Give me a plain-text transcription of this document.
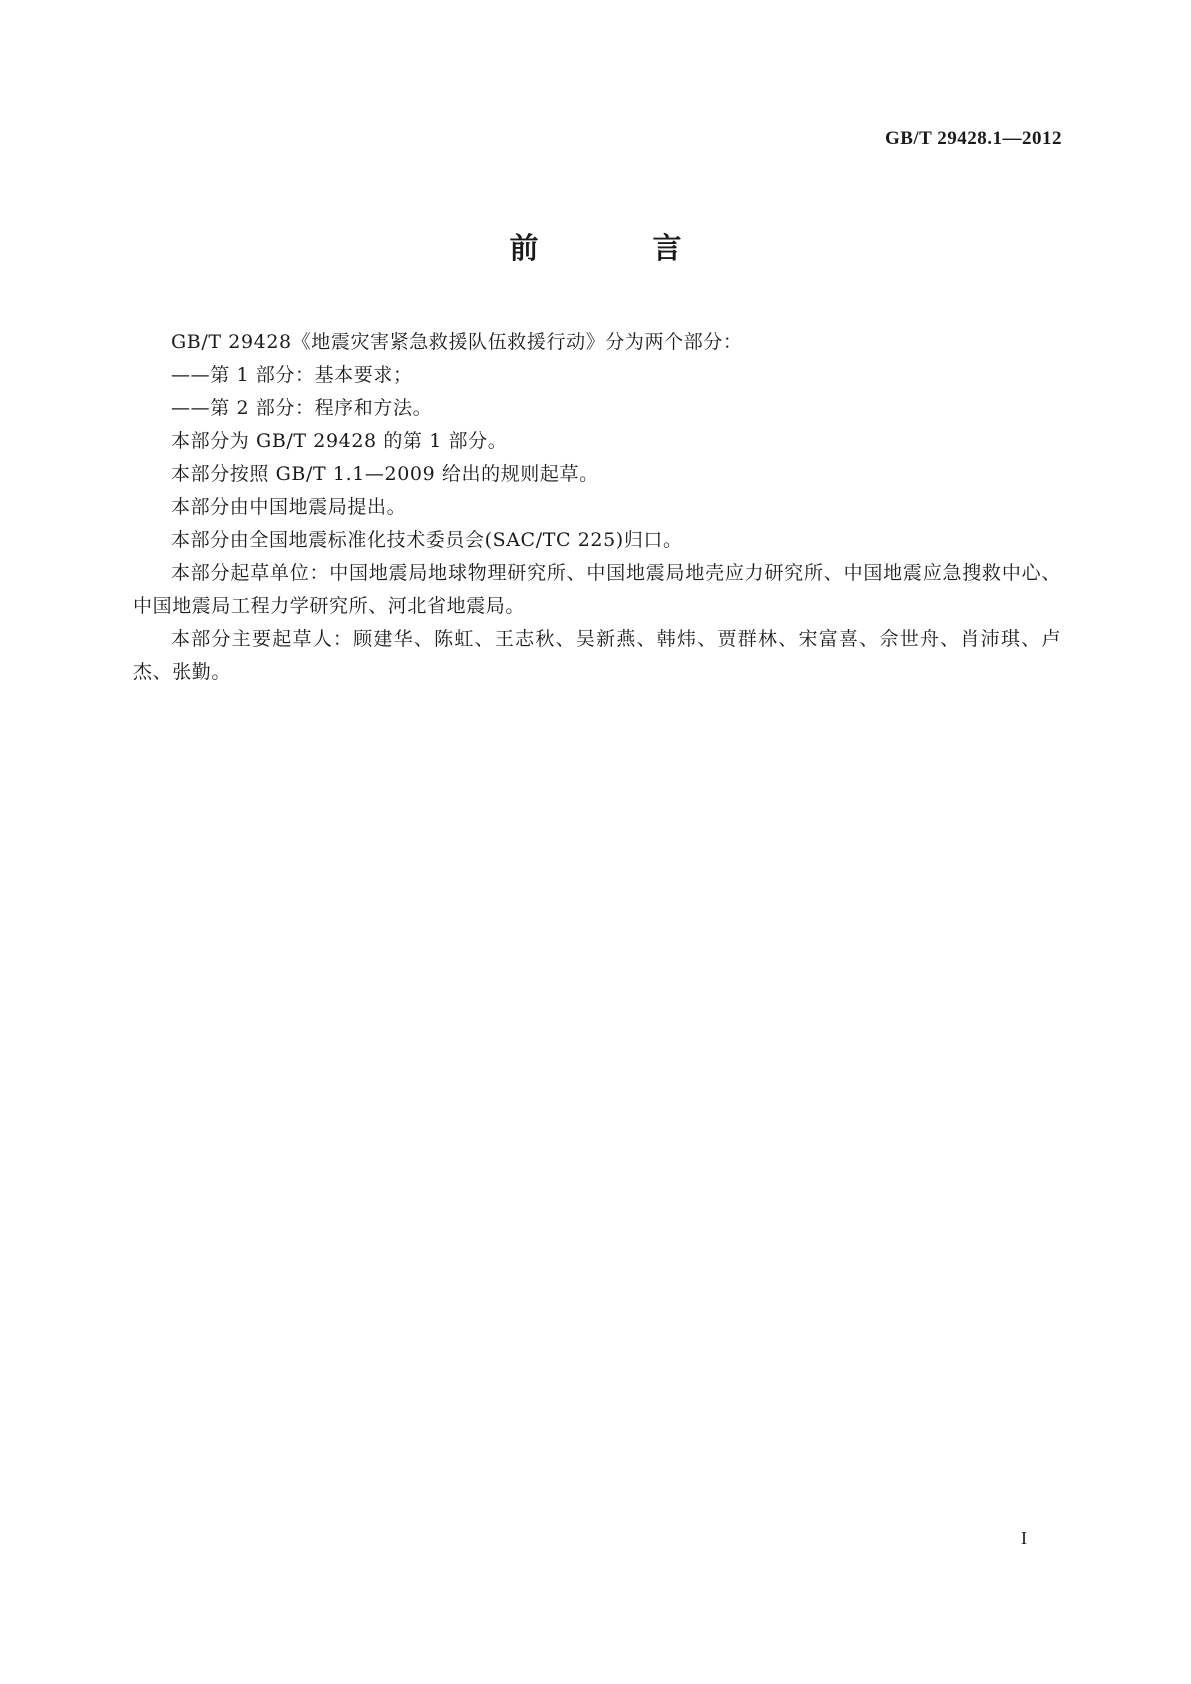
GB/T 29428.1—2012
前 言

GB/T 29428《地震灾害紧急救援队伍救援行动》分为两个部分：

——第 1 部分：基本要求；

——第 2 部分：程序和方法。

本部分为 GB/T 29428 的第 1 部分。

本部分按照 GB/T 1.1—2009 给出的规则起草。

本部分由中国地震局提出。

本部分由全国地震标准化技术委员会(SAC/TC 225)归口。

本部分起草单位：中国地震局地球物理研究所、中国地震局地壳应力研究所、中国地震应急搜救中心、中国地震局工程力学研究所、河北省地震局。

本部分主要起草人：顾建华、陈虹、王志秋、吴新燕、韩炜、贾群林、宋富喜、佘世舟、肖沛琪、卢杰、张勤。

I
